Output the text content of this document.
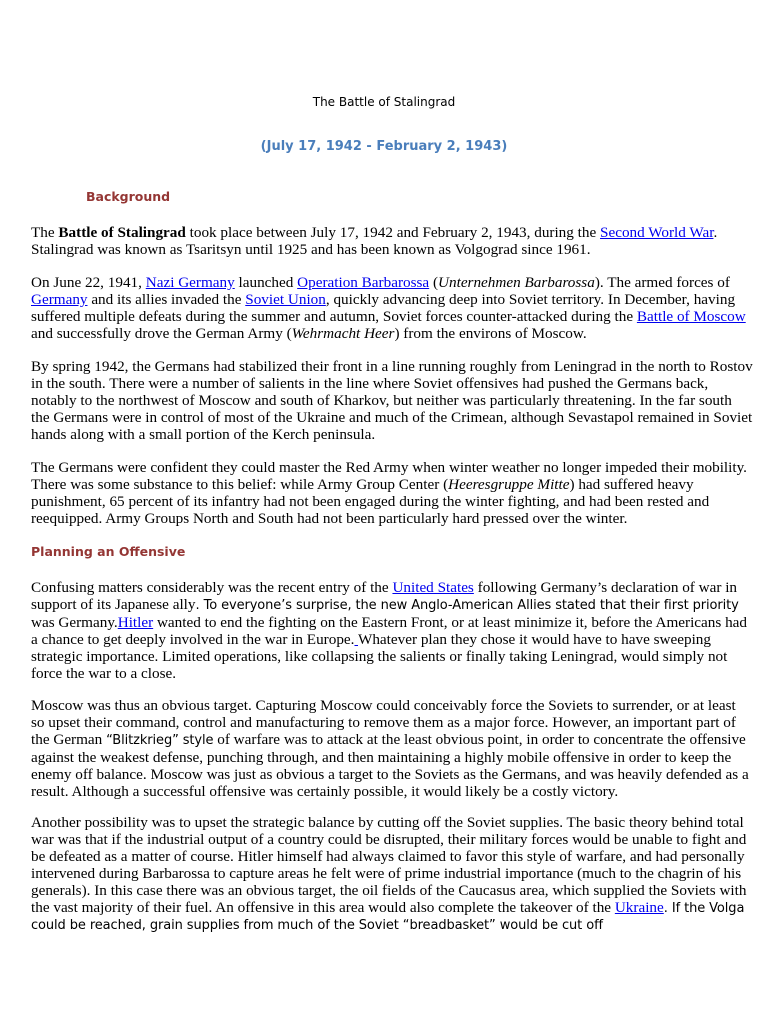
The Battle of Stalingrad
(July 17, 1942 - February 2, 1943)
Background
The Battle of Stalingrad took place between July 17, 1942 and February 2, 1943, during the Second World War. Stalingrad was known as Tsaritsyn until 1925 and has been known as Volgograd since 1961.
On June 22, 1941, Nazi Germany launched Operation Barbarossa (Unternehmen Barbarossa). The armed forces of Germany and its allies invaded the Soviet Union, quickly advancing deep into Soviet territory. In December, having suffered multiple defeats during the summer and autumn, Soviet forces counter-attacked during the Battle of Moscow and successfully drove the German Army (Wehrmacht Heer) from the environs of Moscow.
By spring 1942, the Germans had stabilized their front in a line running roughly from Leningrad in the north to Rostov in the south. There were a number of salients in the line where Soviet offensives had pushed the Germans back, notably to the northwest of Moscow and south of Kharkov, but neither was particularly threatening. In the far south the Germans were in control of most of the Ukraine and much of the Crimean, although Sevastapol remained in Soviet hands along with a small portion of the Kerch peninsula.
The Germans were confident they could master the Red Army when winter weather no longer impeded their mobility. There was some substance to this belief: while Army Group Center (Heeresgruppe Mitte) had suffered heavy punishment, 65 percent of its infantry had not been engaged during the winter fighting, and had been rested and reequipped. Army Groups North and South had not been particularly hard pressed over the winter.
Planning an Offensive
Confusing matters considerably was the recent entry of the United States following Germany’s declaration of war in support of its Japanese ally. To everyone’s surprise, the new Anglo-American Allies stated that their first priority was Germany.Hitler wanted to end the fighting on the Eastern Front, or at least minimize it, before the Americans had a chance to get deeply involved in the war in Europe. Whatever plan they chose it would have to have sweeping strategic importance. Limited operations, like collapsing the salients or finally taking Leningrad, would simply not force the war to a close.
Moscow was thus an obvious target. Capturing Moscow could conceivably force the Soviets to surrender, or at least so upset their command, control and manufacturing to remove them as a major force. However, an important part of the German “Blitzkrieg” style of warfare was to attack at the least obvious point, in order to concentrate the offensive against the weakest defense, punching through, and then maintaining a highly mobile offensive in order to keep the enemy off balance. Moscow was just as obvious a target to the Soviets as the Germans, and was heavily defended as a result. Although a successful offensive was certainly possible, it would likely be a costly victory.
Another possibility was to upset the strategic balance by cutting off the Soviet supplies. The basic theory behind total war was that if the industrial output of a country could be disrupted, their military forces would be unable to fight and be defeated as a matter of course. Hitler himself had always claimed to favor this style of warfare, and had personally intervened during Barbarossa to capture areas he felt were of prime industrial importance (much to the chagrin of his generals). In this case there was an obvious target, the oil fields of the Caucasus area, which supplied the Soviets with the vast majority of their fuel. An offensive in this area would also complete the takeover of the Ukraine. If the Volga could be reached, grain supplies from much of the Soviet “breadbasket” would be cut off
